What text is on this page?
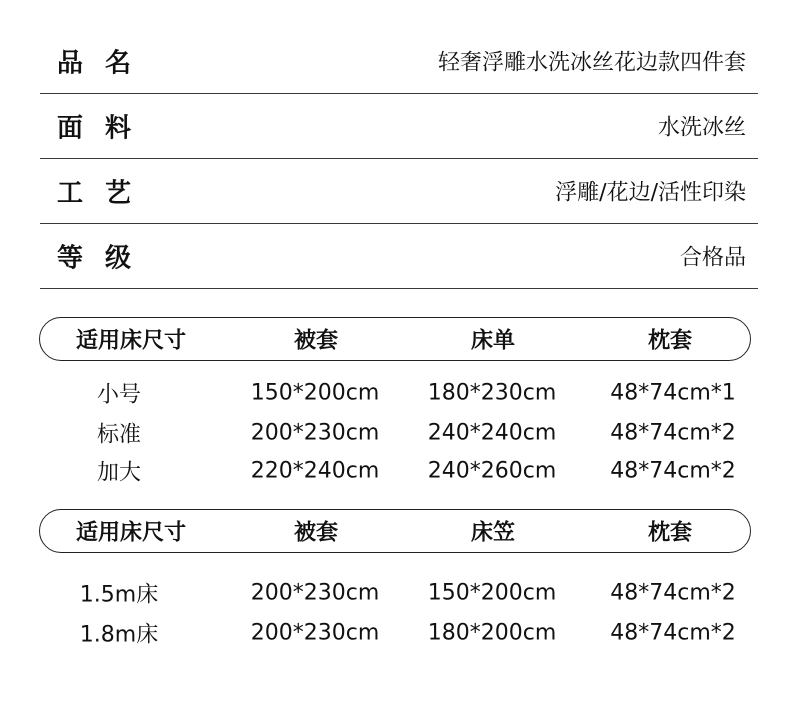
品名	轻奢浮雕水洗冰丝花边款四件套
面料	水洗冰丝
工艺	浮雕/花边/活性印染
等级	合格品
适用床尺寸	被套	床单	枕套
小号	150*200cm 180*230cm 48*74cm*1
标准	200*230cm 240*240cm 48*74cm*2
加大	220*240cm 240*260cm 48*74cm*2
适用床尺寸	被套	床笠	枕套
1.5m床	200*230cm 150*200cm 48*74cm*2
1.8m床	200*230cm 180*200cm 48*74cm*2
